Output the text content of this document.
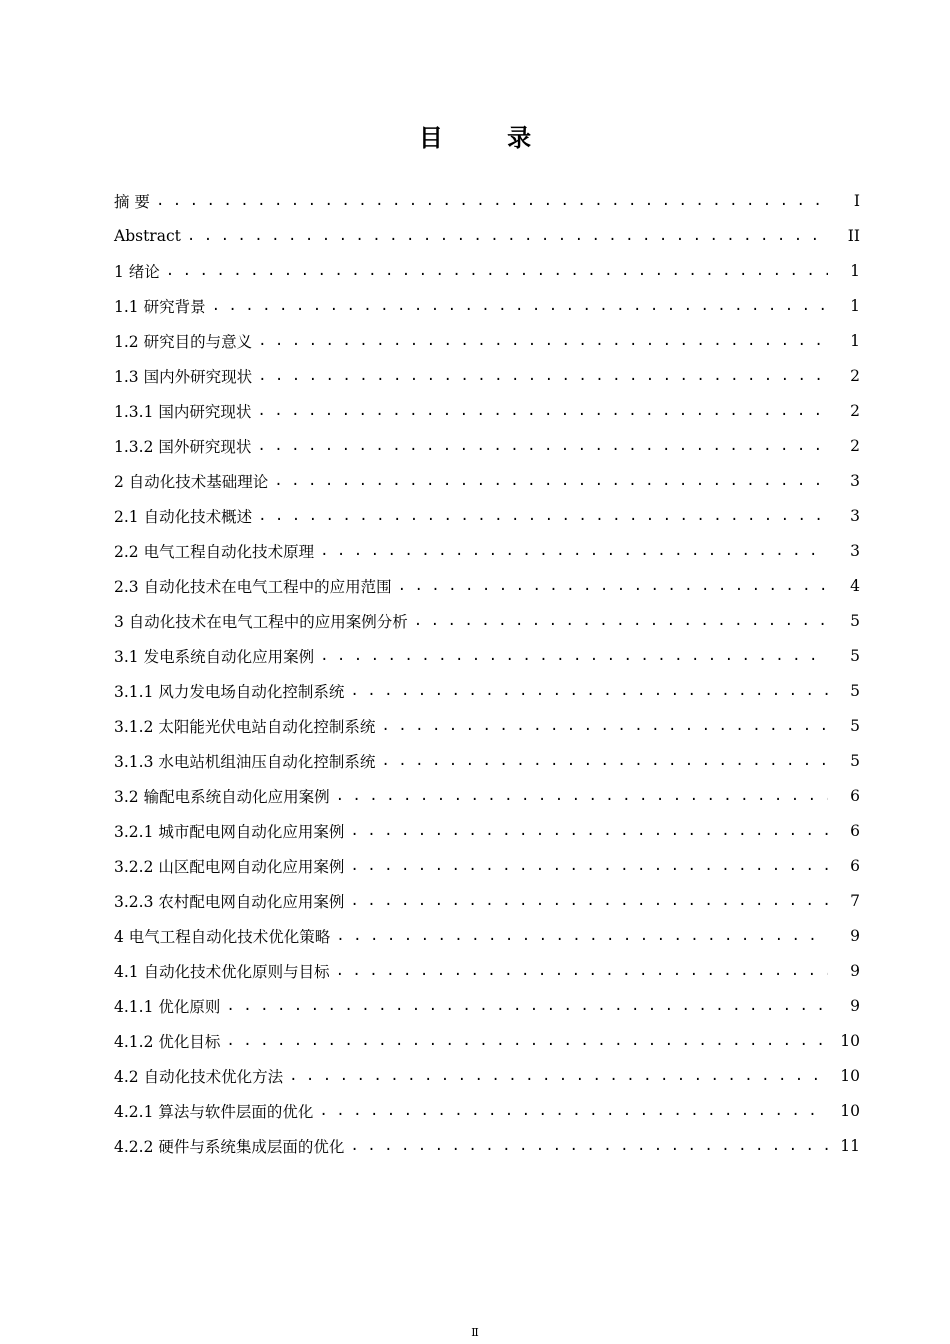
目 录
摘 要 . . .	I
Abstract . . .	II
1 绪论 . . .	1
1.1 研究背景 . . .	1
1.2 研究目的与意义 . . .	1
1.3 国内外研究现状 . . .	2
1.3.1 国内研究现状 . . .	2
1.3.2 国外研究现状 . . .	2
2 自动化技术基础理论 . . .	3
2.1 自动化技术概述 . . .	3
2.2 电气工程自动化技术原理 . . .	3
2.3 自动化技术在电气工程中的应用范围 . . .	4
3 自动化技术在电气工程中的应用案例分析 . . .	5
3.1 发电系统自动化应用案例 . . .	5
3.1.1 风力发电场自动化控制系统 . . .	5
3.1.2 太阳能光伏电站自动化控制系统 . . .	5
3.1.3 水电站机组油压自动化控制系统 . . .	5
3.2 输配电系统自动化应用案例 . . .	6
3.2.1 城市配电网自动化应用案例 . . .	6
3.2.2 山区配电网自动化应用案例 . . .	6
3.2.3 农村配电网自动化应用案例 . . .	7
4 电气工程自动化技术优化策略 . . .	9
4.1 自动化技术优化原则与目标 . . .	9
4.1.1 优化原则 . . .	9
4.1.2 优化目标 . . .	10
4.2 自动化技术优化方法 . . .	10
4.2.1 算法与软件层面的优化 . . .	10
4.2.2 硬件与系统集成层面的优化 . . .	11
Ⅱ
